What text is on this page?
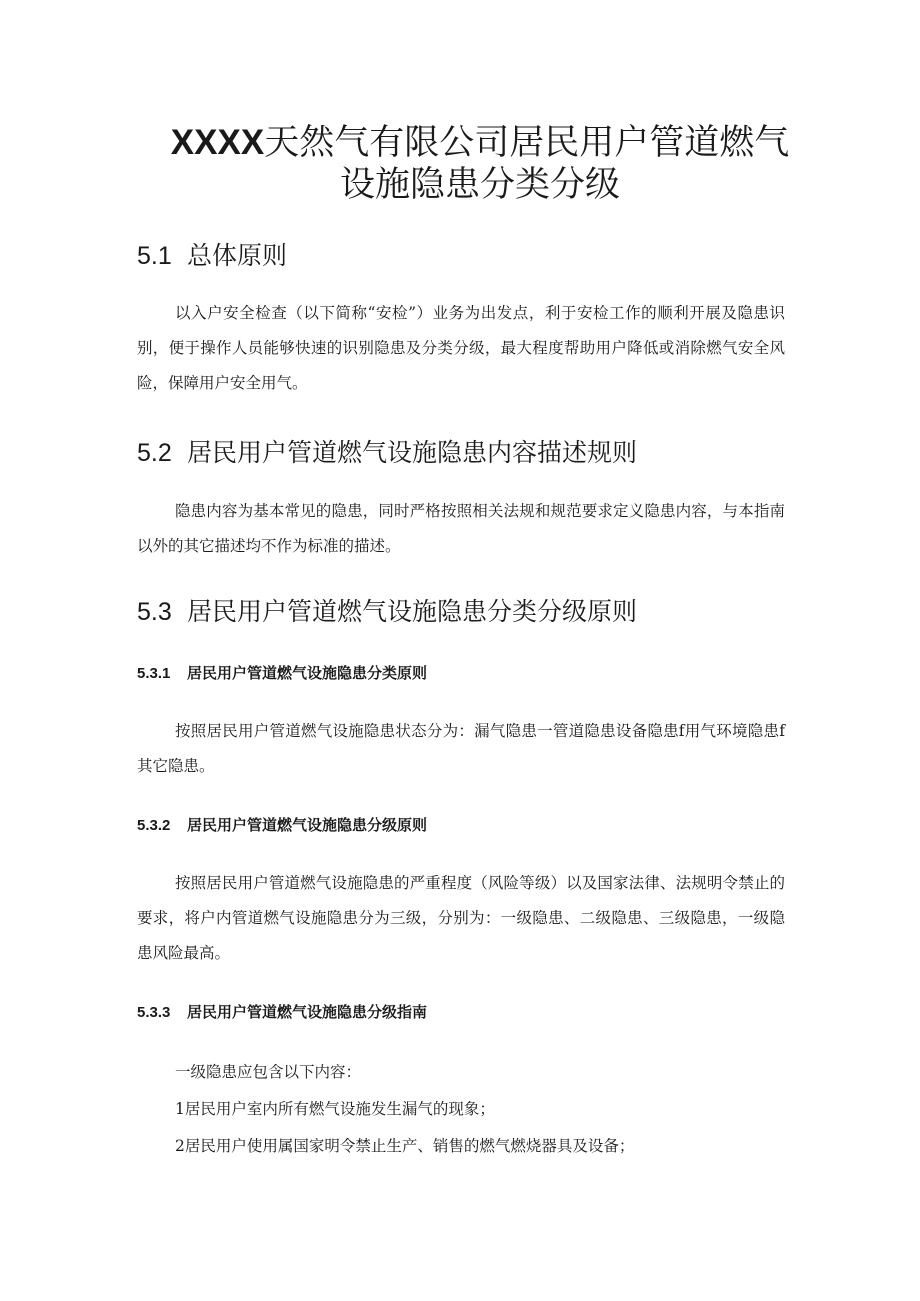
XXXX天然气有限公司居民用户管道燃气
设施隐患分类分级
5.1 总体原则

以入户安全检查（以下简称“安检”）业务为出发点，利于安检工作的顺利开展及隐患识别，便于操作人员能够快速的识别隐患及分类分级，最大程度帮助用户降低或消除燃气安全风险，保障用户安全用气。

5.2 居民用户管道燃气设施隐患内容描述规则

隐患内容为基本常见的隐患，同时严格按照相关法规和规范要求定义隐患内容，与本指南以外的其它描述均不作为标准的描述。

5.3 居民用户管道燃气设施隐患分类分级原则
5.3.1 居民用户管道燃气设施隐患分类原则

按照居民用户管道燃气设施隐患状态分为：漏气隐患一管道隐患设备隐患f用气环境隐患f其它隐患。

5.3.2 居民用户管道燃气设施隐患分级原则

按照居民用户管道燃气设施隐患的严重程度（风险等级）以及国家法律、法规明令禁止的要求，将户内管道燃气设施隐患分为三级，分别为：一级隐患、二级隐患、三级隐患，一级隐患风险最高。

5.3.3 居民用户管道燃气设施隐患分级指南

一级隐患应包含以下内容：

1居民用户室内所有燃气设施发生漏气的现象；

2居民用户使用属国家明令禁止生产、销售的燃气燃烧器具及设备；
